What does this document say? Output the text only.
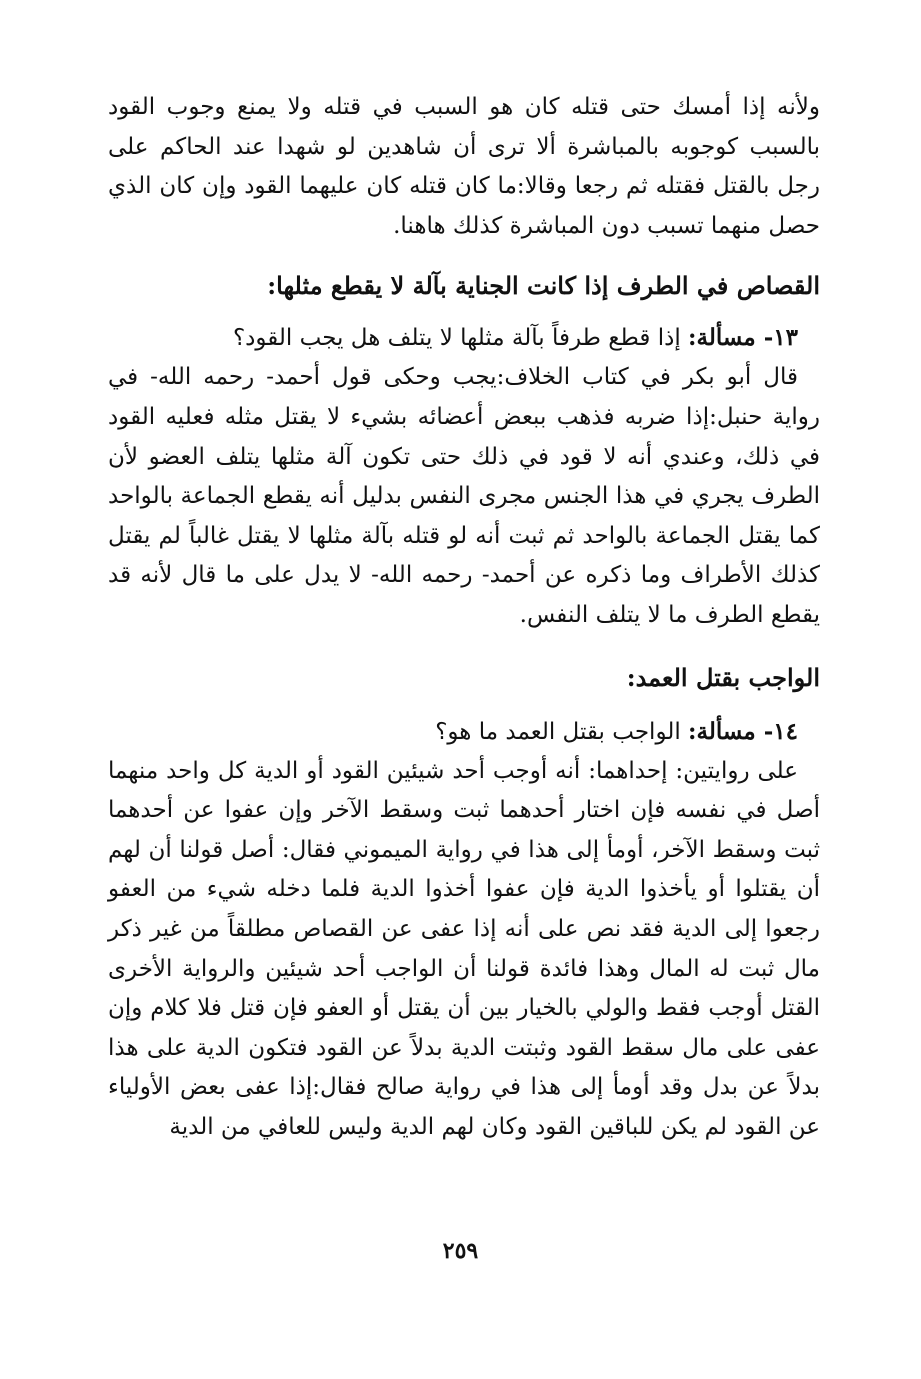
ولأنه إذا أمسك حتى قتله كان هو السبب في قتله ولا يمنع وجوب القود بالسبب كوجوبه بالمباشرة ألا ترى أن شاهدين لو شهدا عند الحاكم على رجل بالقتل فقتله ثم رجعا وقالا:ما كان قتله كان عليهما القود وإن كان الذي حصل منهما تسبب دون المباشرة كذلك هاهنا.

القصاص في الطرف إذا كانت الجناية بآلة لا يقطع مثلها:

١٣- مسألة: إذا قطع طرفاً بآلة مثلها لا يتلف هل يجب القود؟

قال أبو بكر في كتاب الخلاف:يجب وحكى قول أحمد- رحمه الله- في رواية حنبل:إذا ضربه فذهب ببعض أعضائه بشيء لا يقتل مثله فعليه القود في ذلك، وعندي أنه لا قود في ذلك حتى تكون آلة مثلها يتلف العضو لأن الطرف يجري في هذا الجنس مجرى النفس بدليل أنه يقطع الجماعة بالواحد كما يقتل الجماعة بالواحد ثم ثبت أنه لو قتله بآلة مثلها لا يقتل غالباً لم يقتل كذلك الأطراف وما ذكره عن أحمد- رحمه الله- لا يدل على ما قال لأنه قد يقطع الطرف ما لا يتلف النفس.

الواجب بقتل العمد:

١٤- مسألة: الواجب بقتل العمد ما هو؟

على روايتين: إحداهما: أنه أوجب أحد شيئين القود أو الدية كل واحد منهما أصل في نفسه فإن اختار أحدهما ثبت وسقط الآخر وإن عفوا عن أحدهما ثبت وسقط الآخر، أومأ إلى هذا في رواية الميموني فقال: أصل قولنا أن لهم أن يقتلوا أو يأخذوا الدية فإن عفوا أخذوا الدية فلما دخله شيء من العفو رجعوا إلى الدية فقد نص على أنه إذا عفى عن القصاص مطلقاً من غير ذكر مال ثبت له المال وهذا فائدة قولنا أن الواجب أحد شيئين والرواية الأخرى القتل أوجب فقط والولي بالخيار بين أن يقتل أو العفو فإن قتل فلا كلام وإن عفى على مال سقط القود وثبتت الدية بدلاً عن القود فتكون الدية على هذا بدلاً عن بدل وقد أومأ إلى هذا في رواية صالح فقال:إذا عفى بعض الأولياء عن القود لم يكن للباقين القود وكان لهم الدية وليس للعافي من الدية

٢٥٩
